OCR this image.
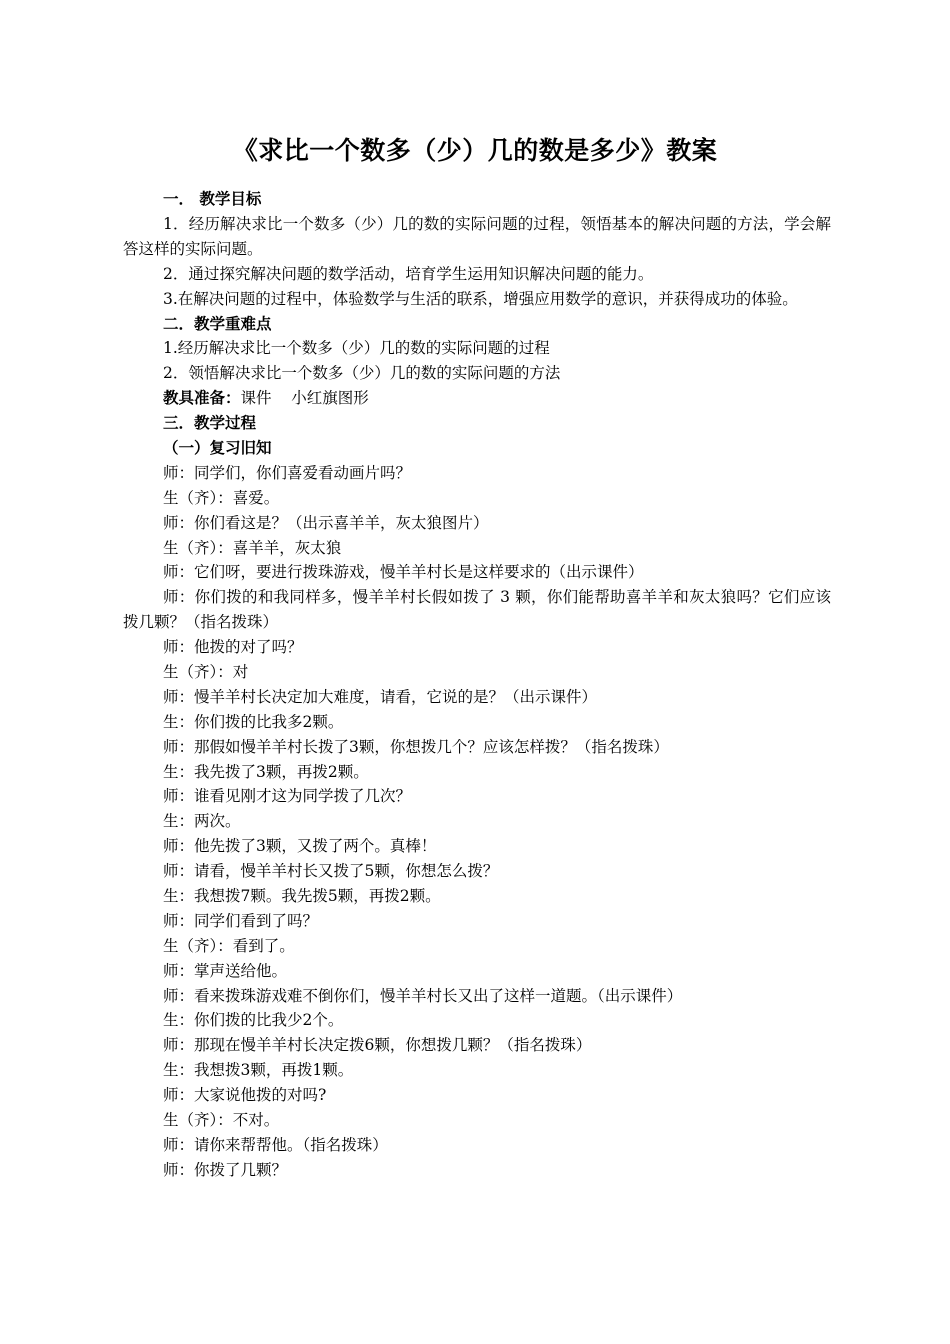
《求比一个数多（少）几的数是多少》教案
一． 教学目标
1．经历解决求比一个数多（少）几的数的实际问题的过程，领悟基本的解决问题的方法，学会解答这样的实际问题。
2．通过探究解决问题的数学活动，培育学生运用知识解决问题的能力。
3.在解决问题的过程中，体验数学与生活的联系，增强应用数学的意识，并获得成功的体验。
二．教学重难点
1.经历解决求比一个数多（少）几的数的实际问题的过程
2．领悟解决求比一个数多（少）几的数的实际问题的方法
教具准备：课件    小红旗图形
三．教学过程
（一）复习旧知
师：同学们，你们喜爱看动画片吗？
生（齐）：喜爱。
师：你们看这是？（出示喜羊羊，灰太狼图片）
生（齐）：喜羊羊，灰太狼
师：它们呀，要进行拨珠游戏，慢羊羊村长是这样要求的（出示课件）
师：你们拨的和我同样多，慢羊羊村长假如拨了 3 颗，你们能帮助喜羊羊和灰太狼吗？它们应该拨几颗？（指名拨珠）
师：他拨的对了吗？
生（齐）：对
师：慢羊羊村长决定加大难度，请看，它说的是？（出示课件）
生：你们拨的比我多2颗。
师：那假如慢羊羊村长拨了3颗，你想拨几个？应该怎样拨？（指名拨珠）
生：我先拨了3颗，再拨2颗。
师：谁看见刚才这为同学拨了几次？
生：两次。
师：他先拨了3颗，又拨了两个。真棒！
师：请看，慢羊羊村长又拨了5颗，你想怎么拨？
生：我想拨7颗。我先拨5颗，再拨2颗。
师：同学们看到了吗？
生（齐）：看到了。
师：掌声送给他。
师：看来拨珠游戏难不倒你们，慢羊羊村长又出了这样一道题。（出示课件）
生：你们拨的比我少2个。
师：那现在慢羊羊村长决定拨6颗，你想拨几颗？（指名拨珠）
生：我想拨3颗，再拨1颗。
师：大家说他拨的对吗?
生（齐）：不对。
师：请你来帮帮他。（指名拨珠）
师：你拨了几颗？
